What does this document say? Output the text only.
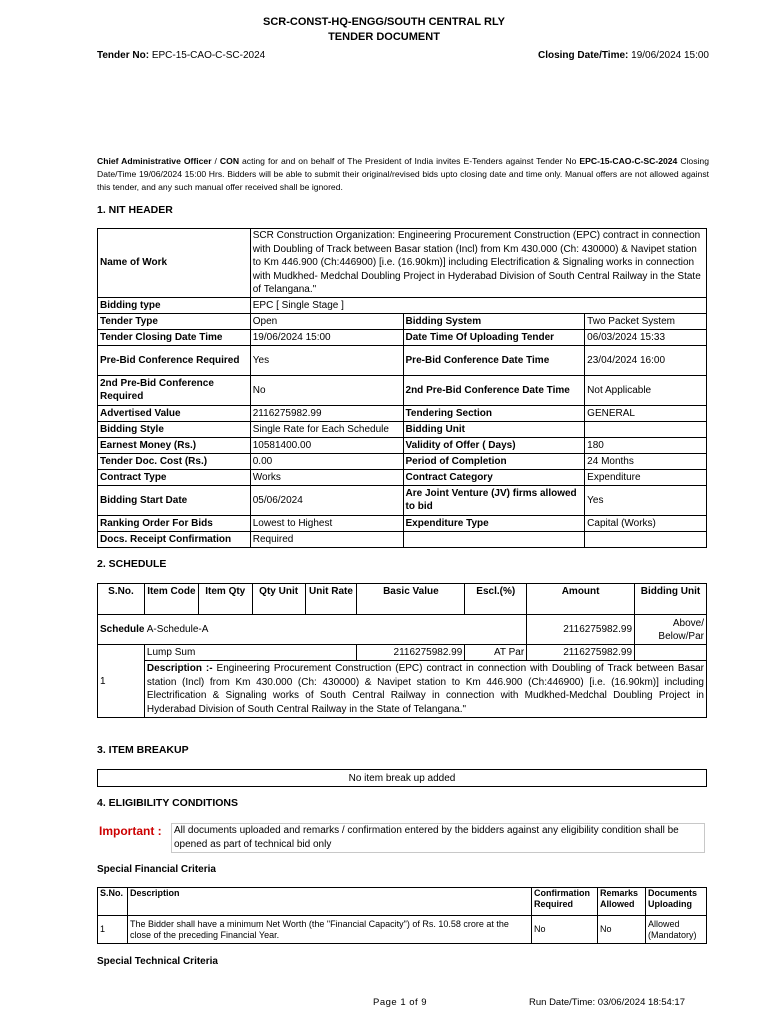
SCR-CONST-HQ-ENGG/SOUTH CENTRAL RLY
TENDER DOCUMENT
Tender No: EPC-15-CAO-C-SC-2024	Closing Date/Time: 19/06/2024 15:00
Chief Administrative Officer / CON acting for and on behalf of The President of India invites E-Tenders against Tender No EPC-15-CAO-C-SC-2024 Closing Date/Time 19/06/2024 15:00 Hrs. Bidders will be able to submit their original/revised bids upto closing date and time only. Manual offers are not allowed against this tender, and any such manual offer received shall be ignored.
1. NIT HEADER
Name of Work	SCR Construction Organization: Engineering Procurement Construction (EPC) contract in connection with Doubling of Track between Basar station (Incl) from Km 430.000 (Ch: 430000) & Navipet station to Km 446.900 (Ch:446900) [i.e. (16.90km)] including Electrification & Signaling works in connection with Mudkhed- Medchal Doubling Project in Hyderabad Division of South Central Railway in the State of Telangana."		
Bidding type	EPC [ Single Stage ]		
Tender Type	Open	Bidding System	Two Packet System
Tender Closing Date Time	19/06/2024 15:00	Date Time Of Uploading Tender	06/03/2024 15:33
Pre-Bid Conference Required	Yes	Pre-Bid Conference Date Time	23/04/2024 16:00
2nd Pre-Bid Conference Required	No	2nd Pre-Bid Conference Date Time	Not Applicable
Advertised Value	2116275982.99	Tendering Section	GENERAL
Bidding Style	Single Rate for Each Schedule	Bidding Unit	
Earnest Money (Rs.)	10581400.00	Validity of Offer ( Days)	180
Tender Doc. Cost (Rs.)	0.00	Period of Completion	24 Months
Contract Type	Works	Contract Category	Expenditure
Bidding Start Date	05/06/2024	Are Joint Venture (JV) firms allowed to bid	Yes
Ranking Order For Bids	Lowest to Highest	Expenditure Type	Capital (Works)
Docs. Receipt Confirmation	Required		
2. SCHEDULE
S.No.	Item Code	Item Qty	Qty Unit	Unit Rate	Basic Value	Escl.(%)	Amount	Bidding Unit
Schedule A-Schedule-A							2116275982.99	Above/ Below/Par
1	Lump Sum				2116275982.99	AT Par	2116275982.99	
	Description :- Engineering Procurement Construction (EPC) contract in connection with Doubling of Track between Basar station (Incl) from Km 430.000 (Ch: 430000) & Navipet station to Km 446.900 (Ch:446900) [i.e. (16.90km)] including Electrification & Signaling works of South Central Railway in connection with Mudkhed-Medchal Doubling Project in Hyderabad Division of South Central Railway in the State of Telangana."							
3. ITEM BREAKUP
No item break up added
4. ELIGIBILITY CONDITIONS
Important :	All documents uploaded and remarks / confirmation entered by the bidders against any eligibility condition shall be opened as part of technical bid only
Special Financial Criteria
S.No.	Description	Confirmation Required	Remarks Allowed	Documents Uploading
1	The Bidder shall have a minimum Net Worth (the "Financial Capacity") of Rs. 10.58 crore at the close of the preceding Financial Year.	No	No	Allowed (Mandatory)
Special Technical Criteria
Page 1 of 9	Run Date/Time: 03/06/2024 18:54:17
